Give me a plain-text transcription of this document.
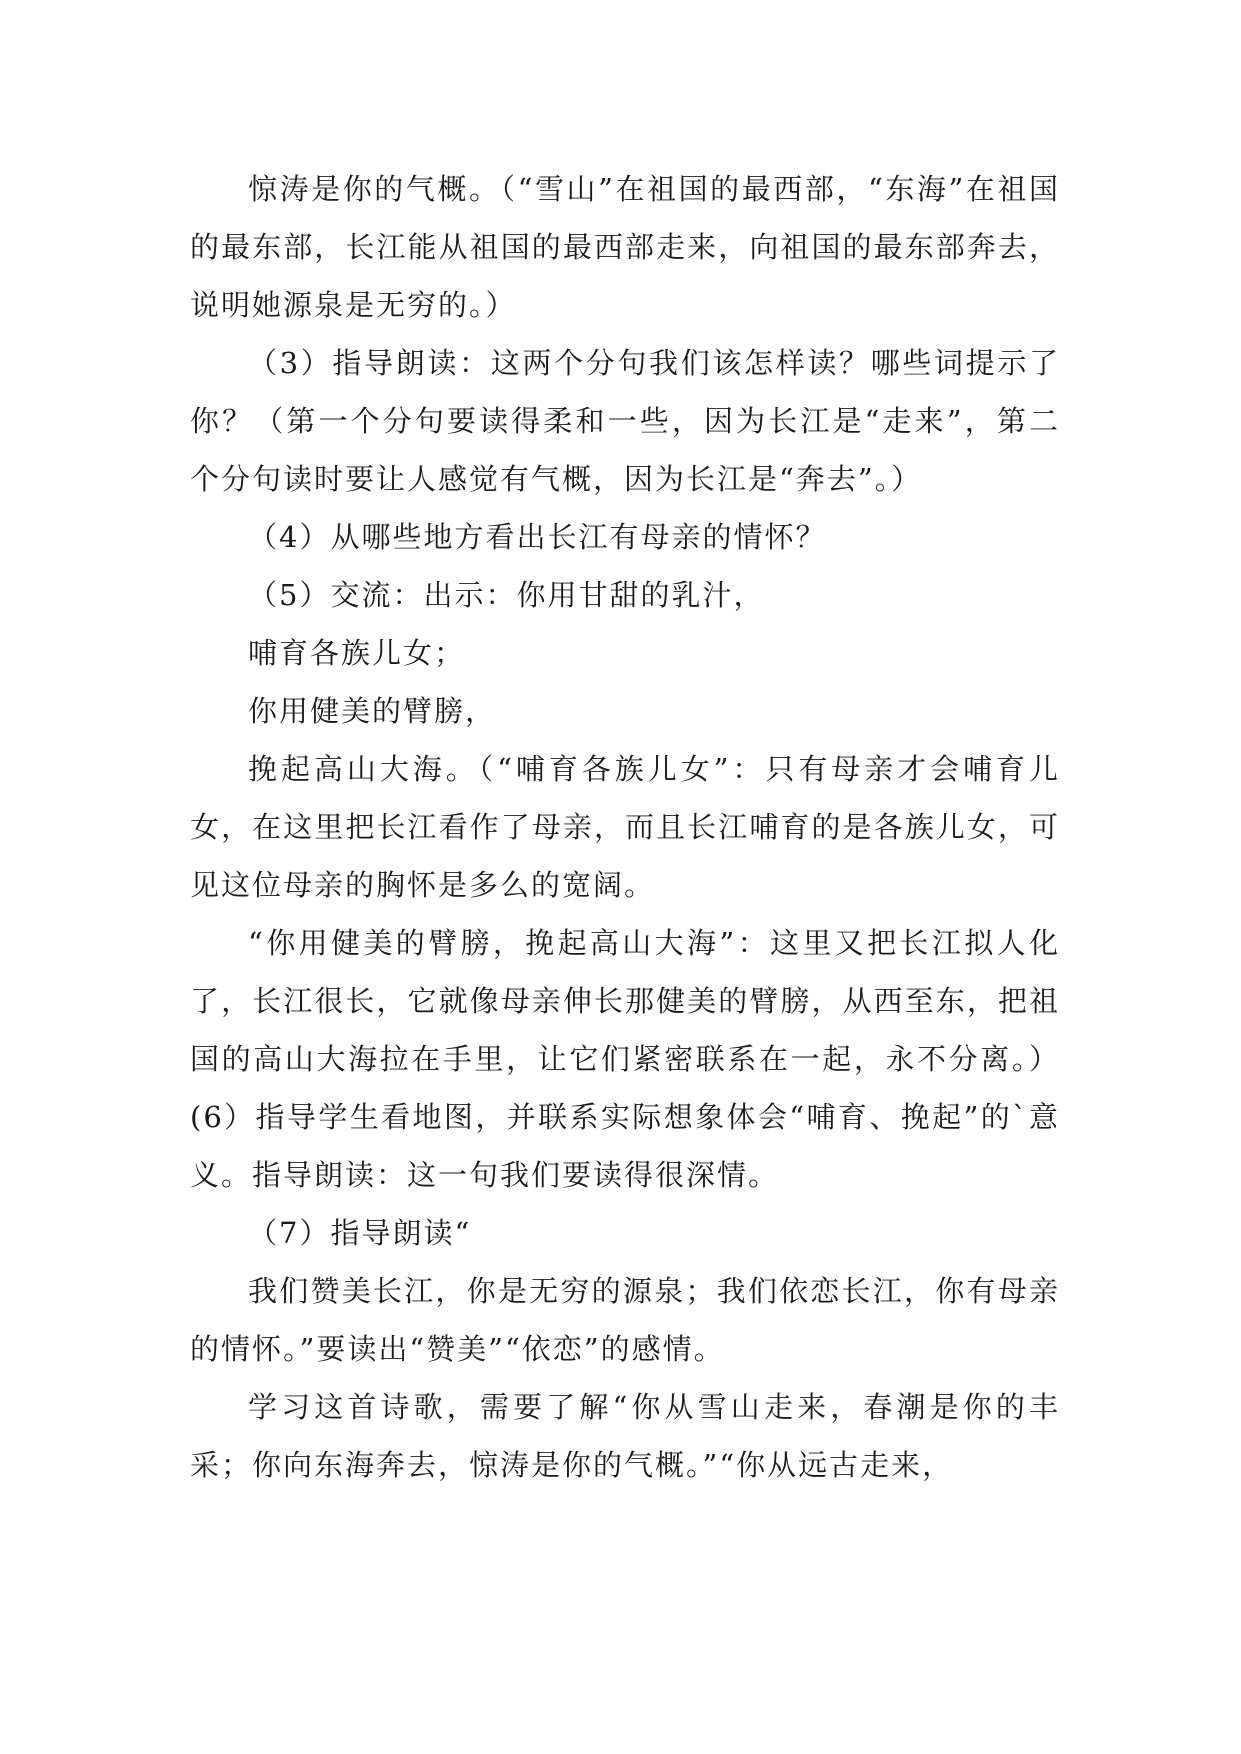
惊涛是你的气概。（“雪山”在祖国的最西部，“东海”在祖国的最东部，长江能从祖国的最西部走来，向祖国的最东部奔去，说明她源泉是无穷的。）

（3）指导朗读：这两个分句我们该怎样读？哪些词提示了你？（第一个分句要读得柔和一些，因为长江是“走来”，第二个分句读时要让人感觉有气概，因为长江是“奔去”。）

（4）从哪些地方看出长江有母亲的情怀？

（5）交流：出示：你用甘甜的乳汁，

哺育各族儿女；

你用健美的臂膀，

挽起高山大海。（“哺育各族儿女”：只有母亲才会哺育儿女，在这里把长江看作了母亲，而且长江哺育的是各族儿女，可见这位母亲的胸怀是多么的宽阔。

“你用健美的臂膀，挽起高山大海”：这里又把长江拟人化了，长江很长，它就像母亲伸长那健美的臂膀，从西至东，把祖国的高山大海拉在手里，让它们紧密联系在一起，永不分离。）(6）指导学生看地图，并联系实际想象体会“哺育、挽起”的`意义。指导朗读：这一句我们要读得很深情。

（7）指导朗读“

我们赞美长江，你是无穷的源泉；我们依恋长江，你有母亲的情怀。”要读出“赞美”“依恋”的感情。

学习这首诗歌，需要了解“你从雪山走来，春潮是你的丰采；你向东海奔去，惊涛是你的气概。”“你从远古走来，
